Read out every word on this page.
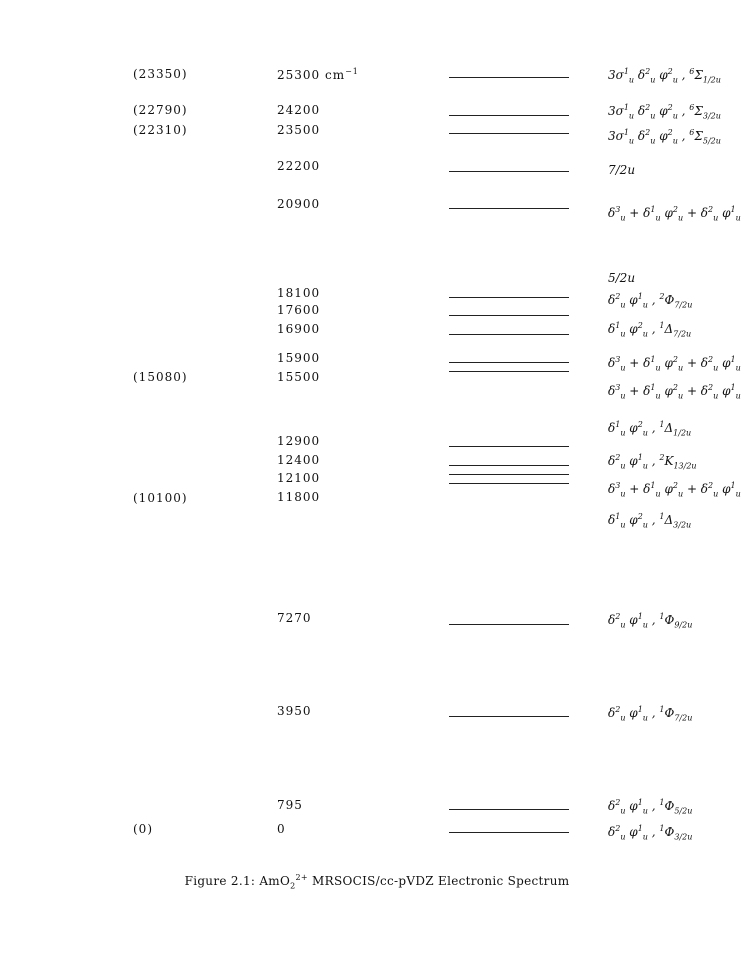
(23350)
(22790)
(22310)
(15080)
(10100)
(0)
25300 $cm^{-1}$
24200
23500
22200
20900
18100
17600
16900
15900
15500
12900
12400
12100
11800
7270
3950
795
0
$3\sigma^1_u$ $\delta^2_u$ $\varphi^2_u$ , $^6\Sigma_{1/2u}$
$3\sigma^1_u$ $\delta^2_u$ $\varphi^2_u$ , $^6\Sigma_{3/2u}$
$3\sigma^1_u$ $\delta^2_u$ $\varphi^2_u$ , $^6\Sigma_{5/2u}$
7/2u
$\delta^3_u + \delta^1_u$ $\varphi^2_u + \delta^2_u$ $\varphi^1_u$
5/2u
$\delta^2_u$ $\varphi^1_u$ , $^2\Phi_{7/2u}$
$\delta^1_u$ $\varphi^2_u$ , $^1\Delta_{7/2u}$
$\delta^3_u + \delta^1_u$ $\varphi^2_u + \delta^2_u$ $\varphi^1_u$
$\delta^3_u + \delta^1_u$ $\varphi^2_u + \delta^2_u$ $\varphi^1_u$
$\delta^1_u$ $\varphi^2_u$ , $^1\Delta_{1/2u}$
$\delta^2_u$ $\varphi^1_u$ , $^2K_{13/2u}$
$\delta^3_u + \delta^1_u$ $\varphi^2_u + \delta^2_u$ $\varphi^1_u$
$\delta^1_u$ $\varphi^2_u$ , $^1\Delta_{3/2u}$
$\delta^2_u$ $\varphi^1_u$ , $^1\Phi_{9/2u}$
$\delta^2_u$ $\varphi^1_u$ , $^1\Phi_{7/2u}$
$\delta^2_u$ $\varphi^1_u$ , $^1\Phi_{5/2u}$
$\delta^2_u$ $\varphi^1_u$ , $^1\Phi_{3/2u}$
Figure 2.1: AmO$_2^{2+}$ MRSOCIS/cc-pVDZ Electronic Spectrum
